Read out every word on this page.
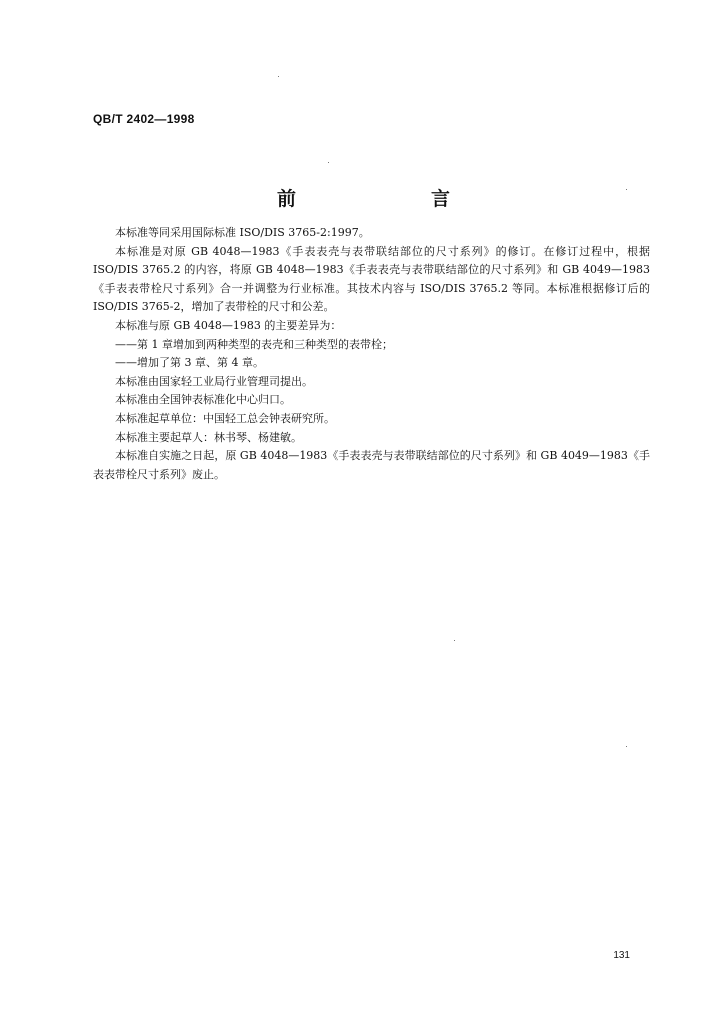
QB/T 2402—1998
前　言

本标准等同采用国际标准 ISO/DIS 3765-2:1997。

本标准是对原 GB 4048—1983《手表表壳与表带联结部位的尺寸系列》的修订。在修订过程中，根据 ISO/DIS 3765.2 的内容，将原 GB 4048—1983《手表表壳与表带联结部位的尺寸系列》和 GB 4049—1983《手表表带栓尺寸系列》合一并调整为行业标准。其技术内容与 ISO/DIS 3765.2 等同。本标准根据修订后的 ISO/DIS 3765-2，增加了表带栓的尺寸和公差。

本标准与原 GB 4048—1983 的主要差异为：

——第 1 章增加到两种类型的表壳和三种类型的表带栓；

——增加了第 3 章、第 4 章。

本标准由国家轻工业局行业管理司提出。

本标准由全国钟表标准化中心归口。

本标准起草单位：中国轻工总会钟表研究所。

本标准主要起草人：林书琴、杨建敏。

本标准自实施之日起，原 GB 4048—1983《手表表壳与表带联结部位的尺寸系列》和 GB 4049—1983《手表表带栓尺寸系列》废止。

131
